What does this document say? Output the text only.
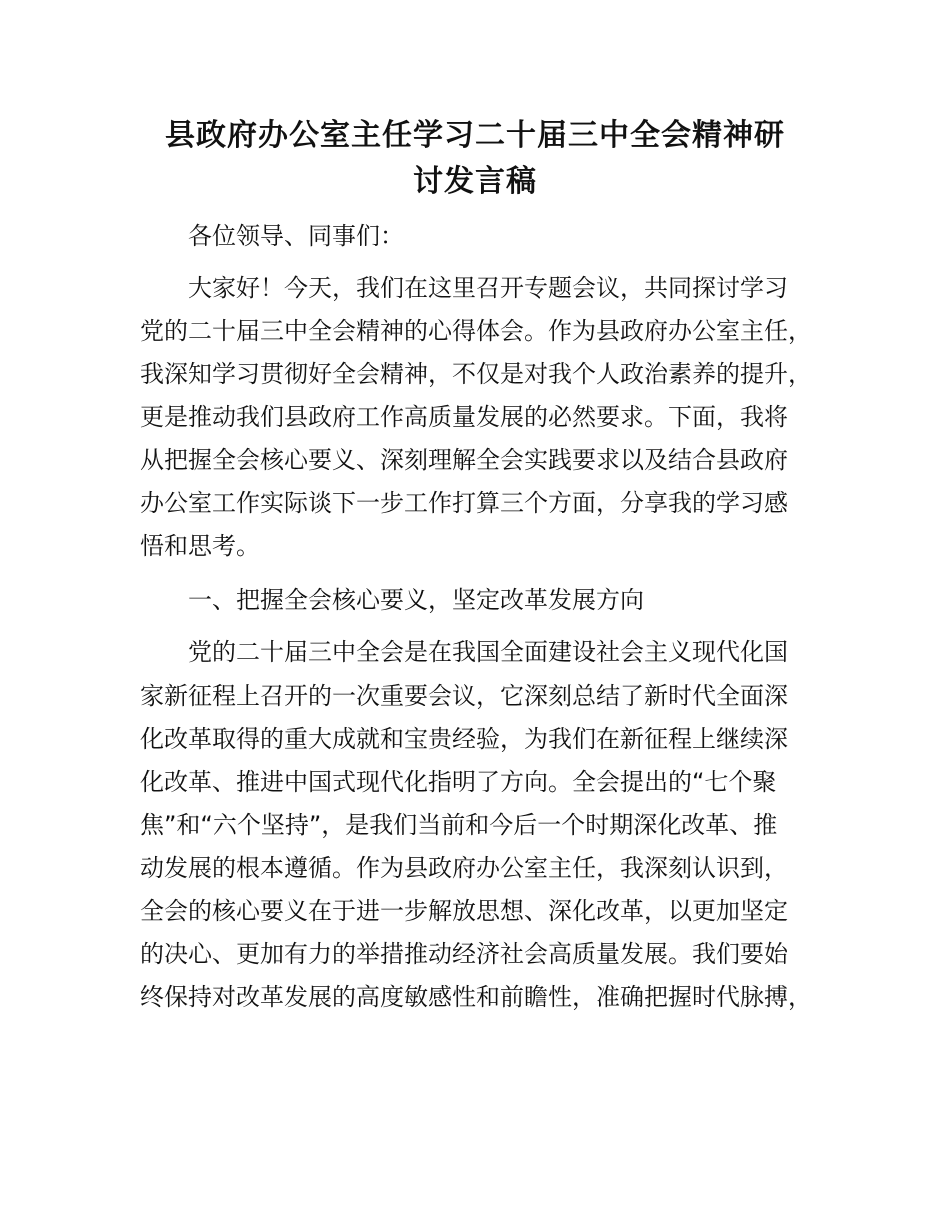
县政府办公室主任学习二十届三中全会精神研
讨发言稿

各位领导、同事们：

大家好！今天，我们在这里召开专题会议，共同探讨学习

党的二十届三中全会精神的心得体会。作为县政府办公室主任，

我深知学习贯彻好全会精神，不仅是对我个人政治素养的提升，

更是推动我们县政府工作高质量发展的必然要求。下面，我将

从把握全会核心要义、深刻理解全会实践要求以及结合县政府

办公室工作实际谈下一步工作打算三个方面，分享我的学习感

悟和思考。

一、把握全会核心要义，坚定改革发展方向

党的二十届三中全会是在我国全面建设社会主义现代化国

家新征程上召开的一次重要会议，它深刻总结了新时代全面深

化改革取得的重大成就和宝贵经验，为我们在新征程上继续深

化改革、推进中国式现代化指明了方向。全会提出的“七个聚

焦”和“六个坚持”，是我们当前和今后一个时期深化改革、推

动发展的根本遵循。作为县政府办公室主任，我深刻认识到，

全会的核心要义在于进一步解放思想、深化改革，以更加坚定

的决心、更加有力的举措推动经济社会高质量发展。我们要始

终保持对改革发展的高度敏感性和前瞻性，准确把握时代脉搏，
